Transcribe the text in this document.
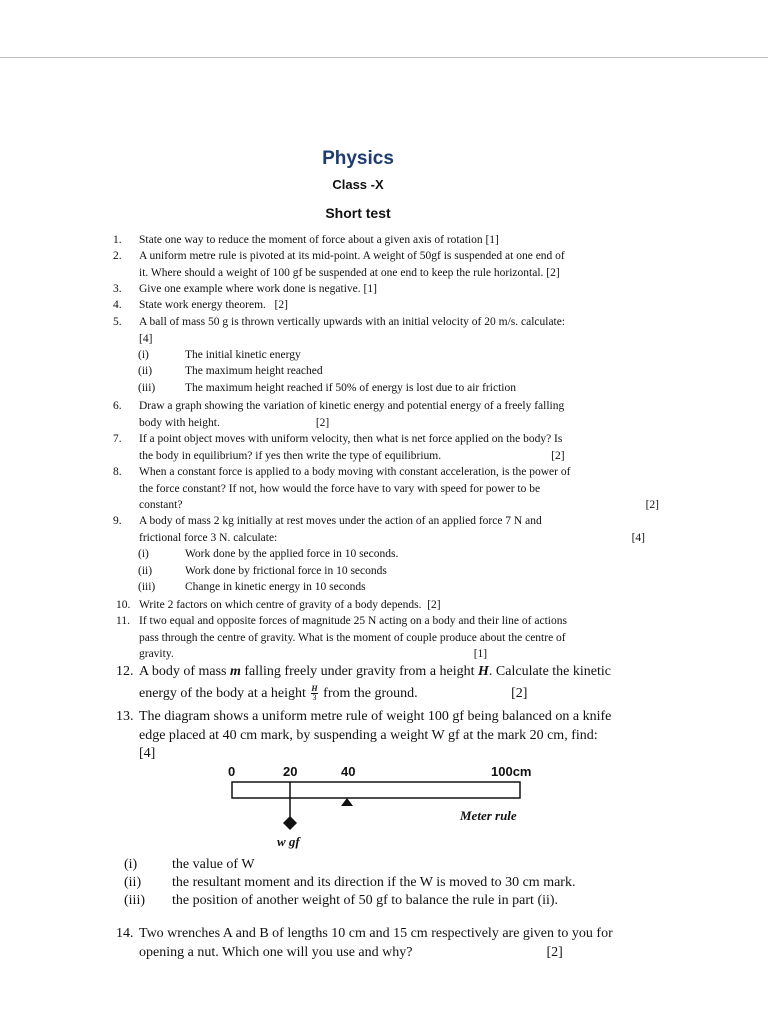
Physics
Class -X
Short test
1. State one way to reduce the moment of force about a given axis of rotation [1]
2. A uniform metre rule is pivoted at its mid-point. A weight of 50gf is suspended at one end of
it. Where should a weight of 100 gf be suspended at one end to keep the rule horizontal. [2]
3. Give one example where work done is negative. [1]
4. State work energy theorem.   [2]
5. A ball of mass 50 g is thrown vertically upwards with an initial velocity of 20 m/s. calculate:
[4]
(i)	The initial kinetic energy
(ii)	The maximum height reached
(iii)	The maximum height reached if 50% of energy is lost due to air friction
6. Draw a graph showing the variation of kinetic energy and potential energy of a freely falling
body with height.	[2]
7. If a point object moves with uniform velocity, then what is net force applied on the body? Is
the body in equilibrium? if yes then write the type of equilibrium.	[2]
8. When a constant force is applied to a body moving with constant acceleration, is the power of
the force constant? If not, how would the force have to vary with speed for power to be
constant?	[2]
9. A body of mass 2 kg initially at rest moves under the action of an applied force 7 N and
frictional force 3 N. calculate:	[4]
(i)	Work done by the applied force in 10 seconds.
(ii)	Work done by frictional force in 10 seconds
(iii)	Change in kinetic energy in 10 seconds
10. Write 2 factors on which centre of gravity of a body depends.  [2]
11. If two equal and opposite forces of magnitude 25 N acting on a body and their line of actions
pass through the centre of gravity. What is the moment of couple produce about the centre of
gravity.	[1]
12. A body of mass m falling freely under gravity from a height H. Calculate the kinetic
energy of the body at a height $\frac{H}{3}$ from the ground.	[2]
13. The diagram shows a uniform metre rule of weight 100 gf being balanced on a knife
edge placed at 40 cm mark, by suspending a weight W gf at the mark 20 cm, find:
[4]
0	20	40	100cm
Meter rule
w gf
(i) the value of W
(ii) the resultant moment and its direction if the W is moved to 30 cm mark.
(iii) the position of another weight of 50 gf to balance the rule in part (ii).
14. Two wrenches A and B of lengths 10 cm and 15 cm respectively are given to you for
opening a nut. Which one will you use and why?	[2]
